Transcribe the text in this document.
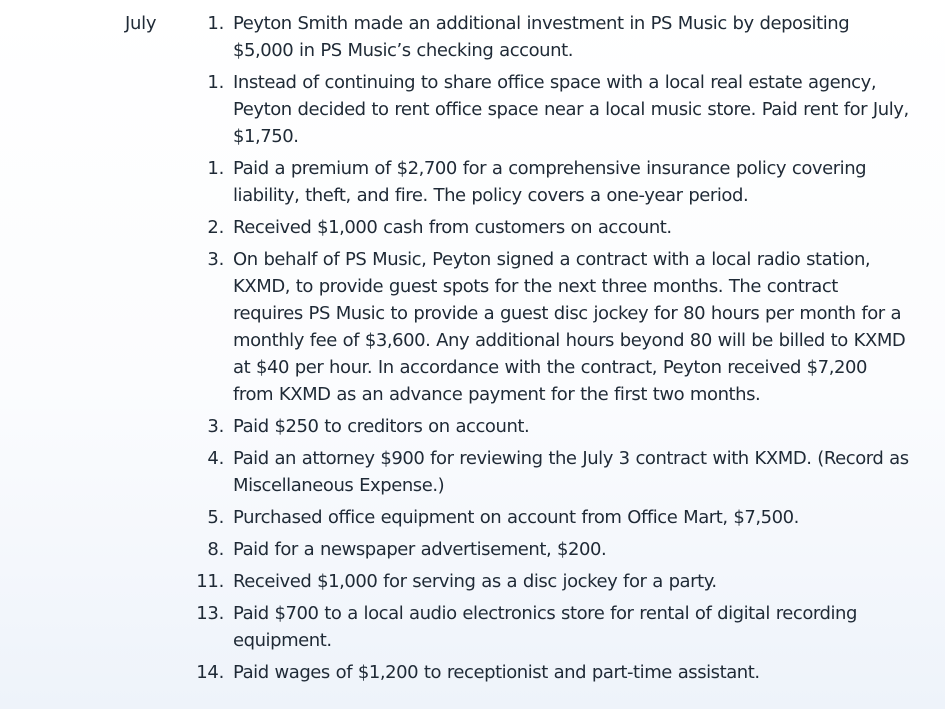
July	1. Peyton Smith made an additional investment in PS Music by depositing $5,000 in PS Music’s checking account.
1. Instead of continuing to share office space with a local real estate agency, Peyton decided to rent office space near a local music store. Paid rent for July, $1,750.
1. Paid a premium of $2,700 for a comprehensive insurance policy covering liability, theft, and fire. The policy covers a one-year period.
2. Received $1,000 cash from customers on account.
3. On behalf of PS Music, Peyton signed a contract with a local radio station, KXMD, to provide guest spots for the next three months. The contract requires PS Music to provide a guest disc jockey for 80 hours per month for a monthly fee of $3,600. Any additional hours beyond 80 will be billed to KXMD at $40 per hour. In accordance with the contract, Peyton received $7,200 from KXMD as an advance payment for the first two months.
3. Paid $250 to creditors on account.
4. Paid an attorney $900 for reviewing the July 3 contract with KXMD. (Record as Miscellaneous Expense.)
5. Purchased office equipment on account from Office Mart, $7,500.
8. Paid for a newspaper advertisement, $200.
11. Received $1,000 for serving as a disc jockey for a party.
13. Paid $700 to a local audio electronics store for rental of digital recording equipment.
14. Paid wages of $1,200 to receptionist and part-time assistant.
